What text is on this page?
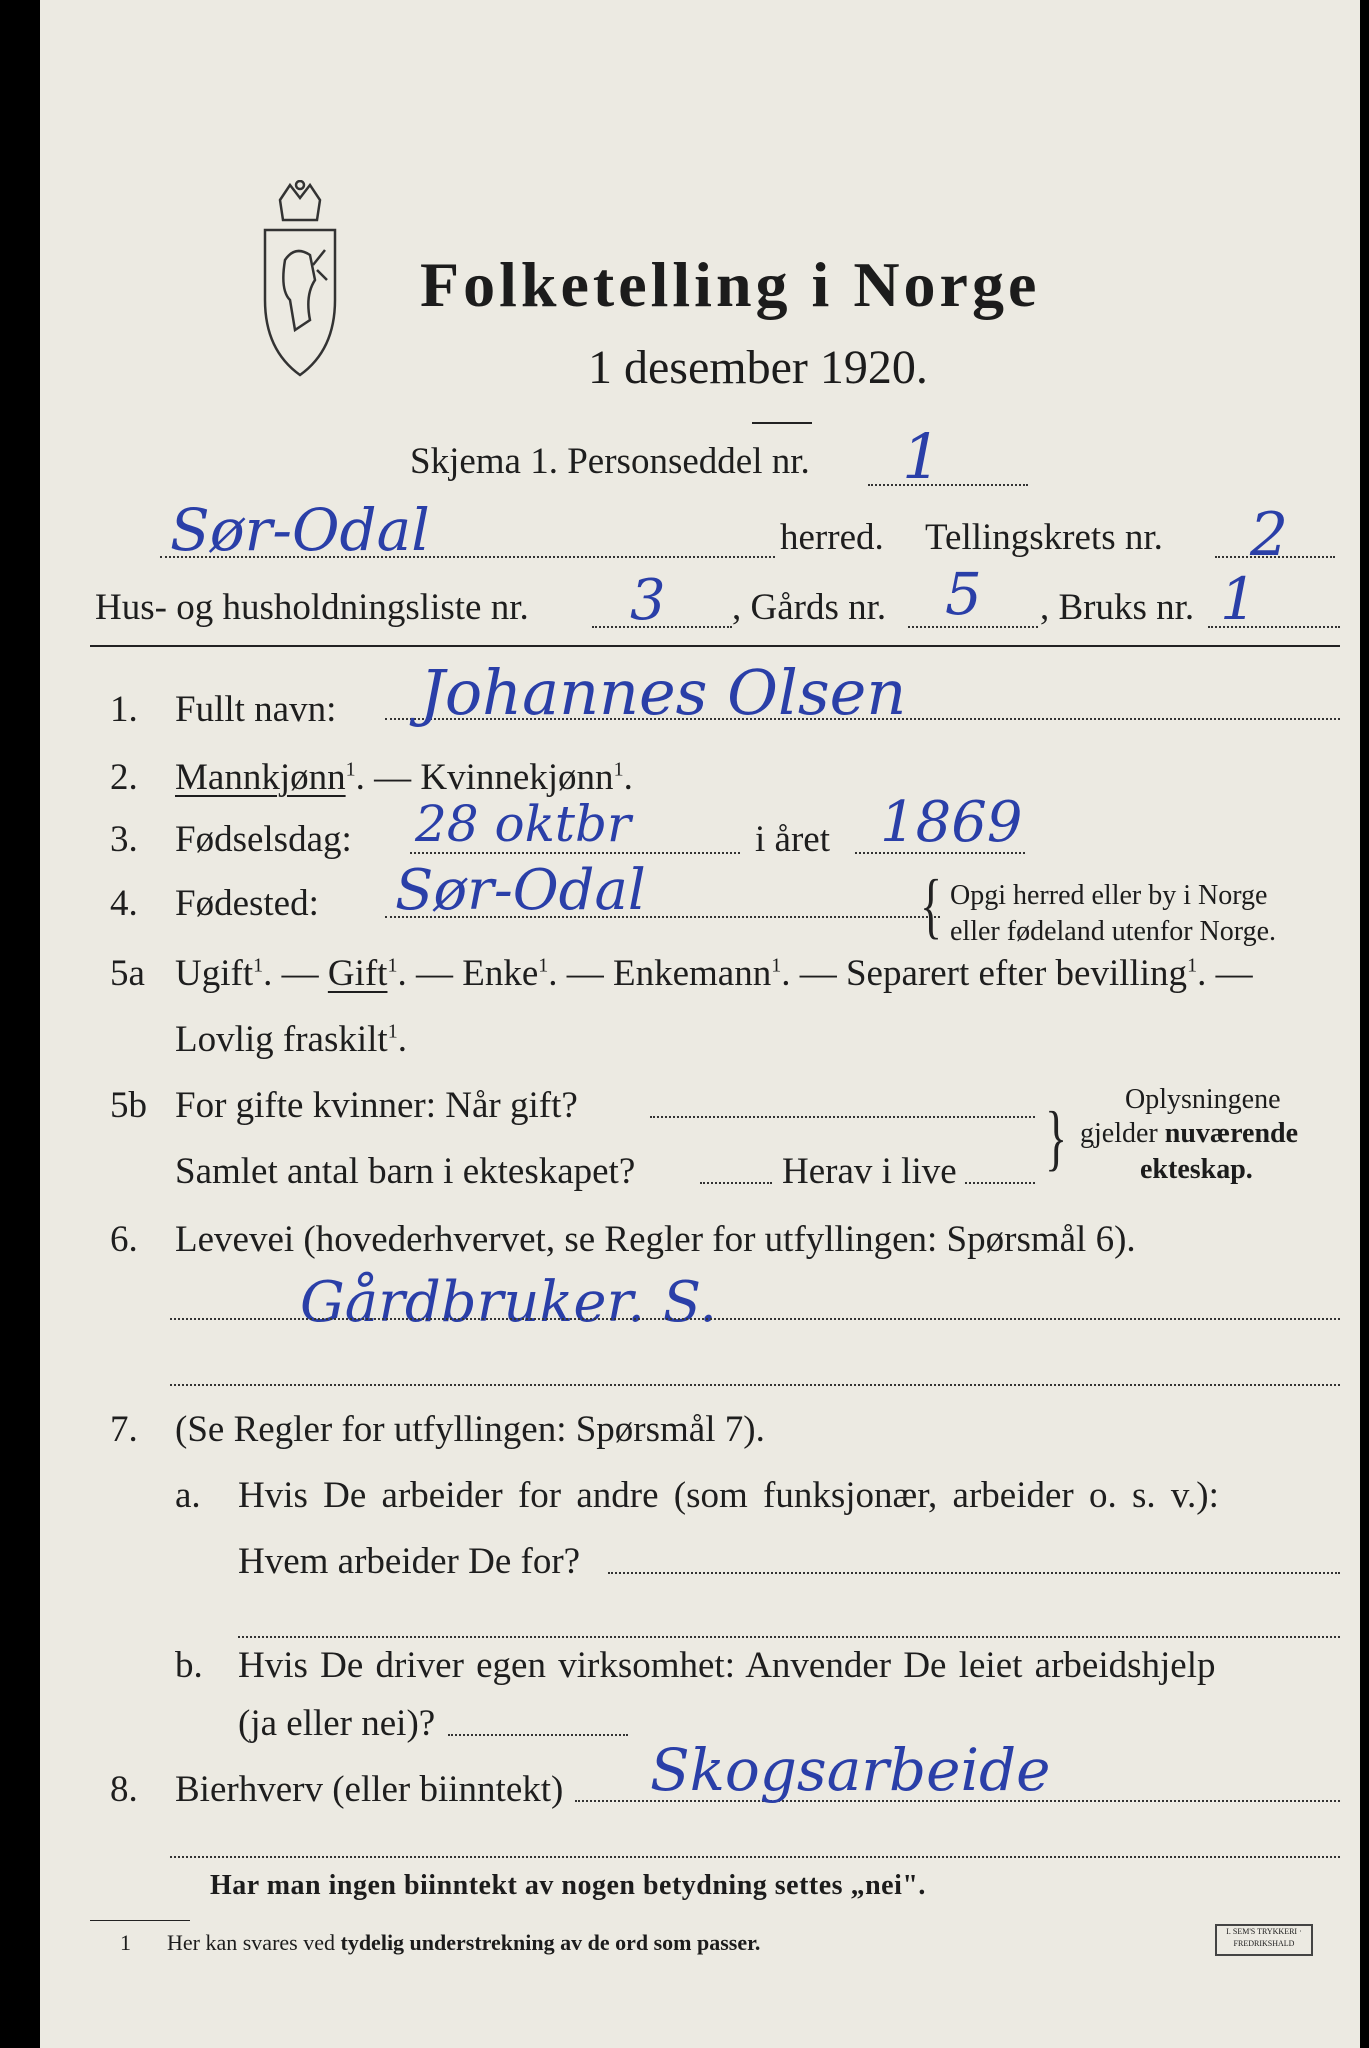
Folketelling i Norge
1 desember 1920.
Skjema 1. Personseddel nr. 1
Sør-Odal	herred. Tellingskrets nr. 2
Hus- og husholdningsliste nr. 3 , Gårds nr. 5 , Bruks nr. 1
1. Fullt navn: Johannes Olsen
2. Mannkjønn$^1$. — Kvinnekjønn$^1$.
3. Fødselsdag: 28 oktbr	i året 1869
4. Fødested: Sør-Odal	{ Opgi herred eller by i Norge
eller fødeland utenfor Norge.
5a Ugift$^1$. — Gift$^1$. — Enke$^1$. — Enkemann$^1$. — Separert efter bevilling$^1$. —
Lovlig fraskilt$^1$.
5b For gifte kvinner: Når gift?
Samlet antal barn i ekteskapet?	Herav i live } Oplysningene
gjelder nuværende
ekteskap.
6. Levevei (hovederhvervet, se Regler for utfyllingen: Spørsmål 6).
Gårdbruker. S.
7. (Se Regler for utfyllingen: Spørsmål 7).
a. Hvis De arbeider for andre (som funksjonær, arbeider o. s. v.):
Hvem arbeider De for?
b. Hvis De driver egen virksomhet: Anvender De leiet arbeidshjelp
(ja eller nei)?
8. Bierhverv (eller biinntekt) Skogsarbeide
Har man ingen biinntekt av nogen betydning settes „nei".
1 Her kan svares ved tydelig understrekning av de ord som passer.	I. SEM'S TRYKKERI · FREDRIKSHALD
